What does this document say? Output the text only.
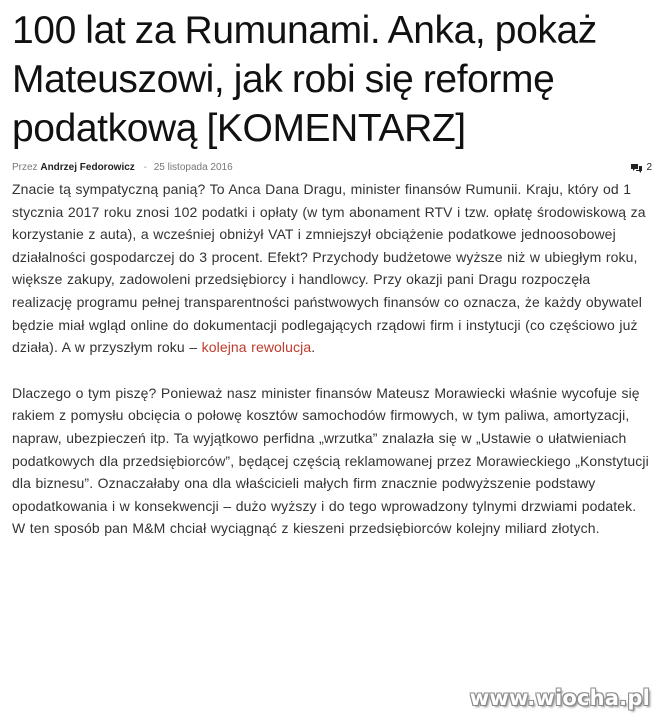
100 lat za Rumunami. Anka, pokaż Mateuszowi, jak robi się reformę podatkową [KOMENTARZ]
Przez Andrzej Fedorowicz - 25 listopada 2016	2

Znacie tą sympatyczną panią? To Anca Dana Dragu, minister finansów Rumunii. Kraju, który od 1 stycznia 2017 roku znosi 102 podatki i opłaty (w tym abonament RTV i tzw. opłatę środowiskową za korzystanie z auta), a wcześniej obniżył VAT i zmniejszył obciążenie podatkowe jednoosobowej działalności gospodarczej do 3 procent. Efekt? Przychody budżetowe wyższe niż w ubiegłym roku, większe zakupy, zadowoleni przedsiębiorcy i handlowcy. Przy okazji pani Dragu rozpoczęła realizację programu pełnej transparentności państwowych finansów co oznacza, że każdy obywatel będzie miał wgląd online do dokumentacji podlegających rządowi firm i instytucji (co częściowo już działa). A w przyszłym roku – kolejna rewolucja.

Dlaczego o tym piszę? Ponieważ nasz minister finansów Mateusz Morawiecki właśnie wycofuje się rakiem z pomysłu obcięcia o połowę kosztów samochodów firmowych, w tym paliwa, amortyzacji, napraw, ubezpieczeń itp. Ta wyjątkowo perfidna „wrzutka” znalazła się w „Ustawie o ułatwieniach podatkowych dla przedsiębiorców”, będącej częścią reklamowanej przez Morawieckiego „Konstytucji dla biznesu”. Oznaczałaby ona dla właścicieli małych firm znacznie podwyższenie podstawy opodatkowania i w konsekwencji – dużo wyższy i do tego wprowadzony tylnymi drzwiami podatek. W ten sposób pan M&M chciał wyciągnąć z kieszeni przedsiębiorców kolejny miliard złotych.

www.wiocha.pl
